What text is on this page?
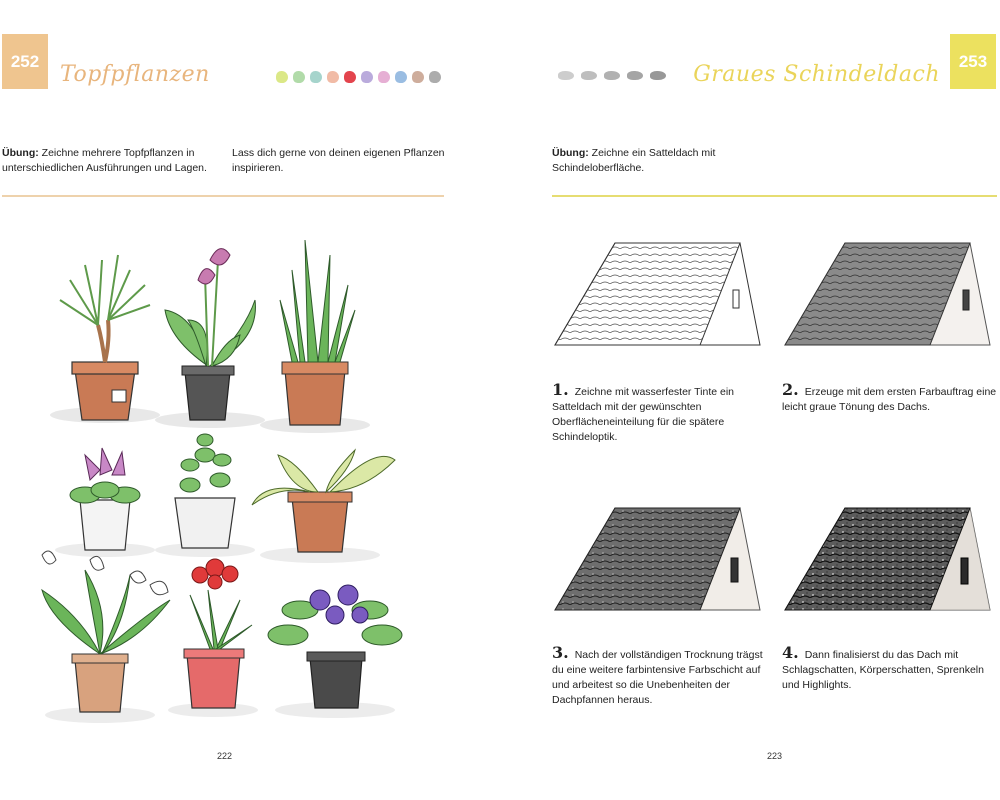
252
Topfpflanzen
Übung: Zeichne mehrere Topfpflanzen in unterschiedlichen Ausführungen und Lagen.
Lass dich gerne von deinen eigenen Pflanzen inspirieren.
222
253
Graues Schindeldach
Übung: Zeichne ein Satteldach mit Schindeloberfläche.
1. Zeichne mit wasserfester Tinte ein Satteldach mit der gewünschten Oberflächeneinteilung für die spätere Schindeloptik.
2. Erzeuge mit dem ersten Farbauftrag eine leicht graue Tönung des Dachs.
3. Nach der vollständigen Trocknung trägst du eine weitere farbintensive Farbschicht auf und arbeitest so die Unebenheiten der Dachpfannen heraus.
4. Dann finalisierst du das Dach mit Schlagschatten, Körperschatten, Sprenkeln und Highlights.
223
